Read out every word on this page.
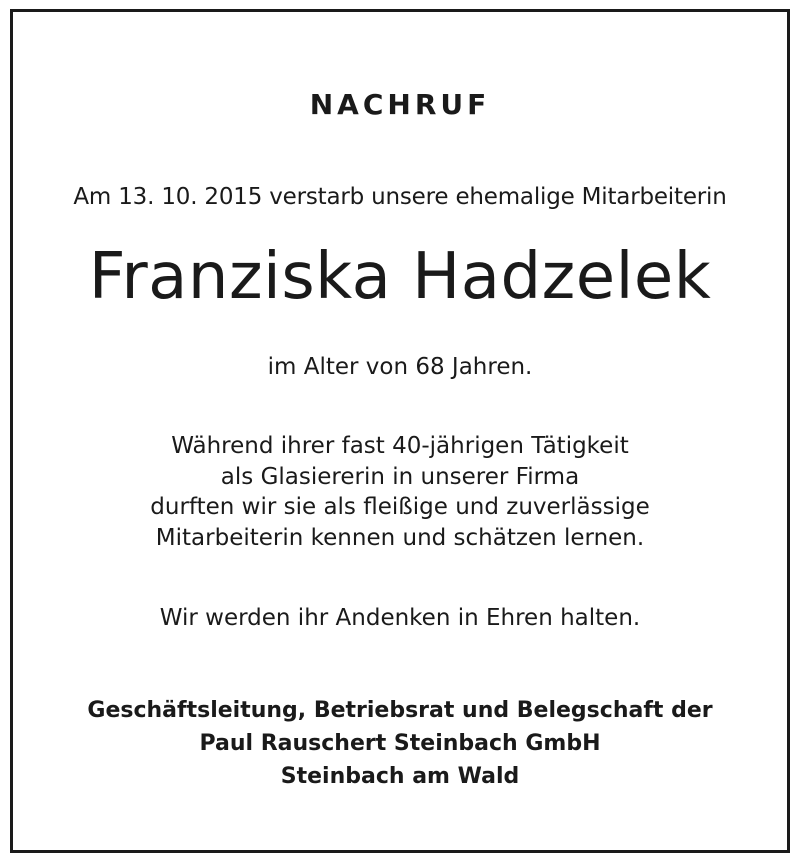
NACHRUF
Am 13. 10. 2015 verstarb unsere ehemalige Mitarbeiterin
Franziska Hadzelek
im Alter von 68 Jahren.
Während ihrer fast 40-jährigen Tätigkeit
als Glasiererin in unserer Firma
durften wir sie als fleißige und zuverlässige
Mitarbeiterin kennen und schätzen lernen.
Wir werden ihr Andenken in Ehren halten.
Geschäftsleitung, Betriebsrat und Belegschaft der
Paul Rauschert Steinbach GmbH
Steinbach am Wald
